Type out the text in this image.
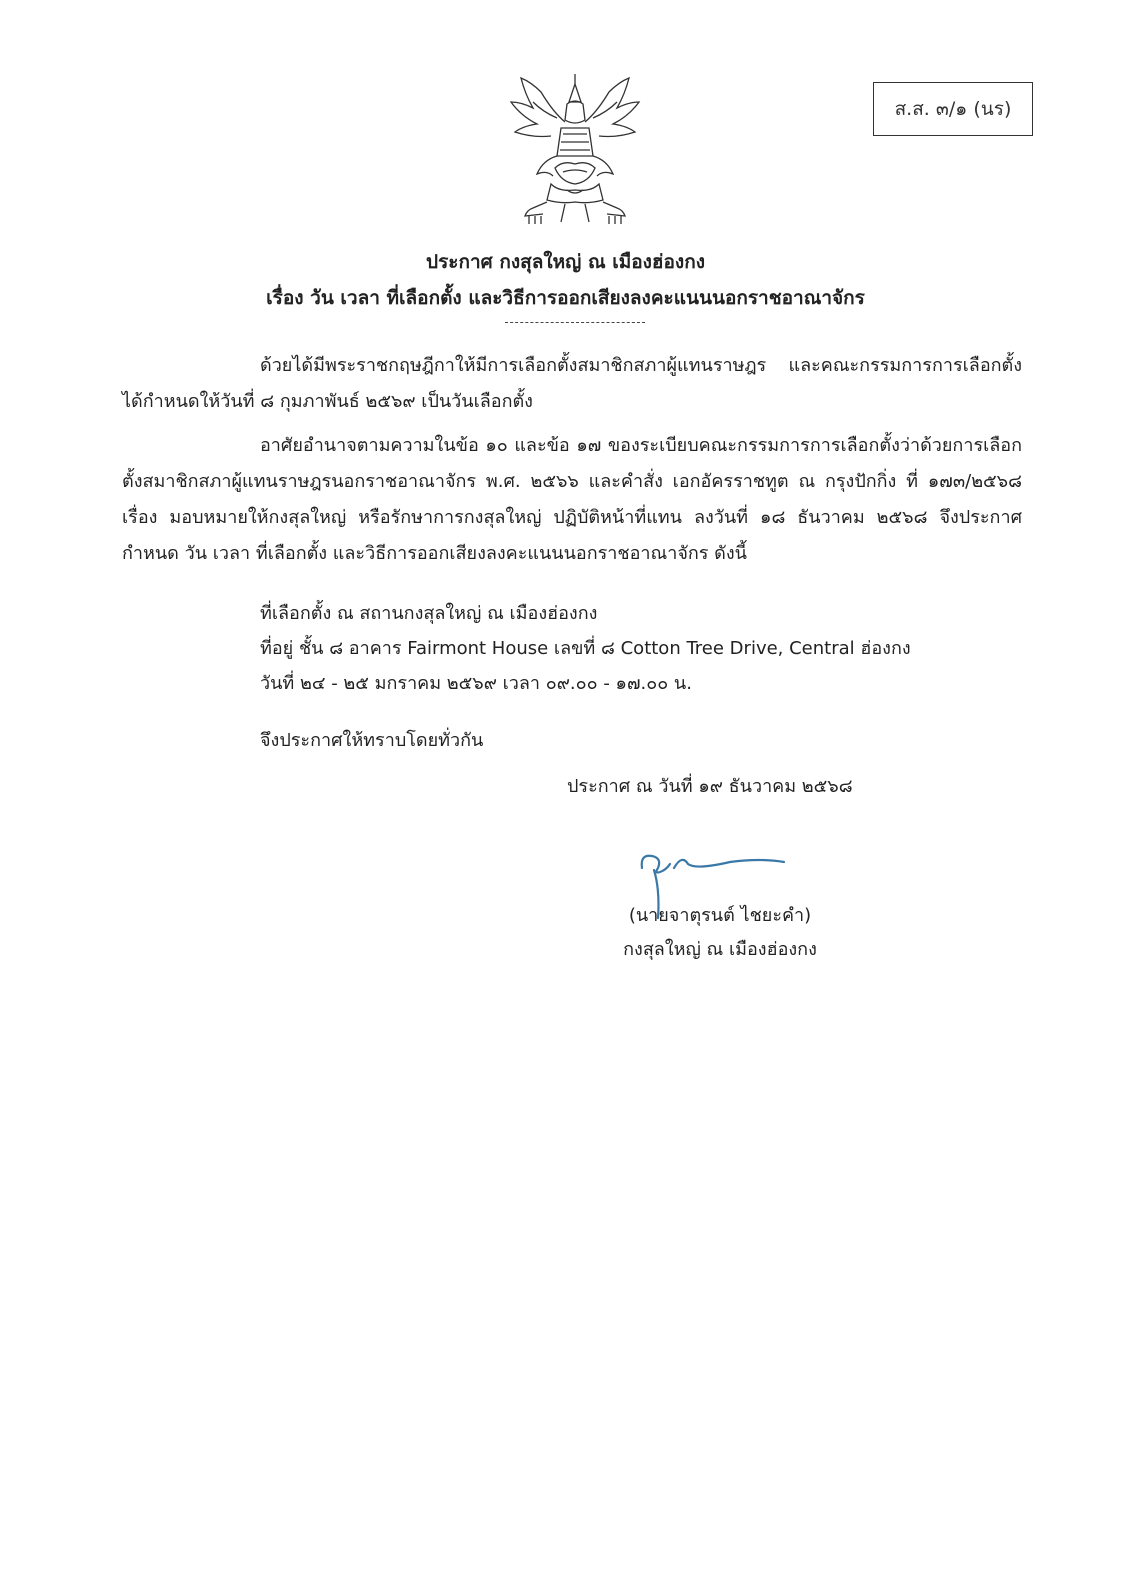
ส.ส. ๓/๑ (นร)
ประกาศ กงสุลใหญ่ ณ เมืองฮ่องกง
เรื่อง วัน เวลา ที่เลือกตั้ง และวิธีการออกเสียงลงคะแนนนอกราชอาณาจักร
ด้วยได้มีพระราชกฤษฎีกาให้มีการเลือกตั้งสมาชิกสภาผู้แทนราษฎร และคณะกรรมการการเลือกตั้งได้กำหนดให้วันที่ ๘ กุมภาพันธ์ ๒๕๖๙ เป็นวันเลือกตั้ง
อาศัยอำนาจตามความในข้อ ๑๐ และข้อ ๑๗ ของระเบียบคณะกรรมการการเลือกตั้งว่าด้วยการเลือกตั้งสมาชิกสภาผู้แทนราษฎรนอกราชอาณาจักร พ.ศ. ๒๕๖๖ และคำสั่ง เอกอัครราชทูต ณ กรุงปักกิ่ง ที่ ๑๗๓/๒๕๖๘ เรื่อง มอบหมายให้กงสุลใหญ่ หรือรักษาการกงสุลใหญ่ ปฏิบัติหน้าที่แทน ลงวันที่ ๑๘ ธันวาคม ๒๕๖๘ จึงประกาศกำหนด วัน เวลา ที่เลือกตั้ง และวิธีการออกเสียงลงคะแนนนอกราชอาณาจักร ดังนี้
ที่เลือกตั้ง ณ สถานกงสุลใหญ่ ณ เมืองฮ่องกง
ที่อยู่ ชั้น ๘ อาคาร Fairmont House เลขที่ ๘ Cotton Tree Drive, Central ฮ่องกง
วันที่ ๒๔ - ๒๕ มกราคม ๒๕๖๙ เวลา ๐๙.๐๐ - ๑๗.๐๐ น.
จึงประกาศให้ทราบโดยทั่วกัน
ประกาศ ณ วันที่ ๑๙ ธันวาคม ๒๕๖๘
(นายจาตุรนต์ ไชยะคำ)
กงสุลใหญ่ ณ เมืองฮ่องกง
